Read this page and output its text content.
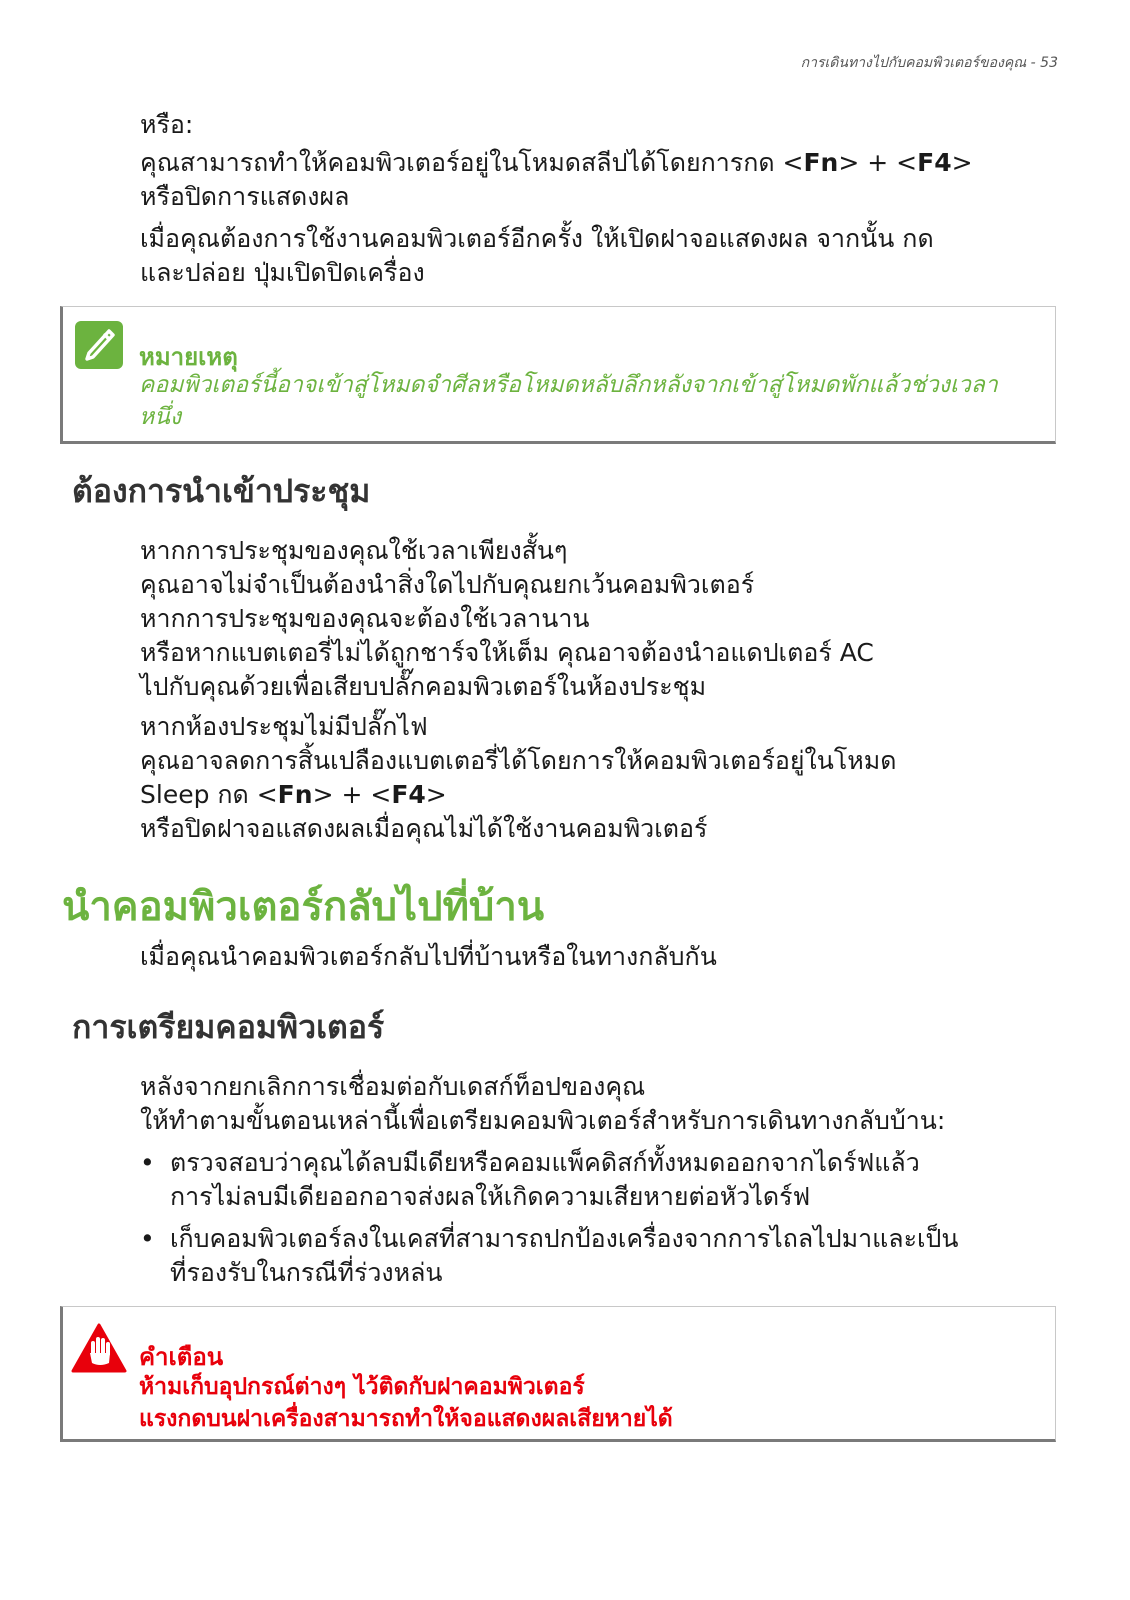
การเดินทางไปกับคอมพิวเตอร์ของคุณ - 53

หรือ:

คุณสามารถทำให้คอมพิวเตอร์อยู่ในโหมดสลีปได้โดยการกด <Fn> + <F4>
หรือปิดการแสดงผล

เมื่อคุณต้องการใช้งานคอมพิวเตอร์อีกครั้ง ให้เปิดฝาจอแสดงผล จากนั้น กด
และปล่อย ปุ่มเปิดปิดเครื่อง

หมายเหตุ
คอมพิวเตอร์นี้อาจเข้าสู่โหมดจำศีลหรือโหมดหลับลึกหลังจากเข้าสู่โหมดพักแล้วช่วงเวลา
หนึ่ง
ต้องการนำเข้าประชุม

หากการประชุมของคุณใช้เวลาเพียงสั้นๆ
คุณอาจไม่จำเป็นต้องนำสิ่งใดไปกับคุณยกเว้นคอมพิวเตอร์
หากการประชุมของคุณจะต้องใช้เวลานาน
หรือหากแบตเตอรี่ไม่ได้ถูกชาร์จให้เต็ม คุณอาจต้องนำอแดปเตอร์ AC
ไปกับคุณด้วยเพื่อเสียบปลั๊กคอมพิวเตอร์ในห้องประชุม

หากห้องประชุมไม่มีปลั๊กไฟ
คุณอาจลดการสิ้นเปลืองแบตเตอรี่ได้โดยการให้คอมพิวเตอร์อยู่ในโหมด
Sleep กด <Fn> + <F4>
หรือปิดฝาจอแสดงผลเมื่อคุณไม่ได้ใช้งานคอมพิวเตอร์

นำคอมพิวเตอร์กลับไปที่บ้าน

เมื่อคุณนำคอมพิวเตอร์กลับไปที่บ้านหรือในทางกลับกัน

การเตรียมคอมพิวเตอร์

หลังจากยกเลิกการเชื่อมต่อกับเดสก์ท็อปของคุณ
ให้ทำตามขั้นตอนเหล่านี้เพื่อเตรียมคอมพิวเตอร์สำหรับการเดินทางกลับบ้าน:

• ตรวจสอบว่าคุณได้ลบมีเดียหรือคอมแพ็คดิสก์ทั้งหมดออกจากไดร์ฟแล้ว
การไม่ลบมีเดียออกอาจส่งผลให้เกิดความเสียหายต่อหัวไดร์ฟ
• เก็บคอมพิวเตอร์ลงในเคสที่สามารถปกป้องเครื่องจากการไถลไปมาและเป็น
ที่รองรับในกรณีที่ร่วงหล่น
คำเตือน
ห้ามเก็บอุปกรณ์ต่างๆ ไว้ติดกับฝาคอมพิวเตอร์
แรงกดบนฝาเครื่องสามารถทำให้จอแสดงผลเสียหายได้
